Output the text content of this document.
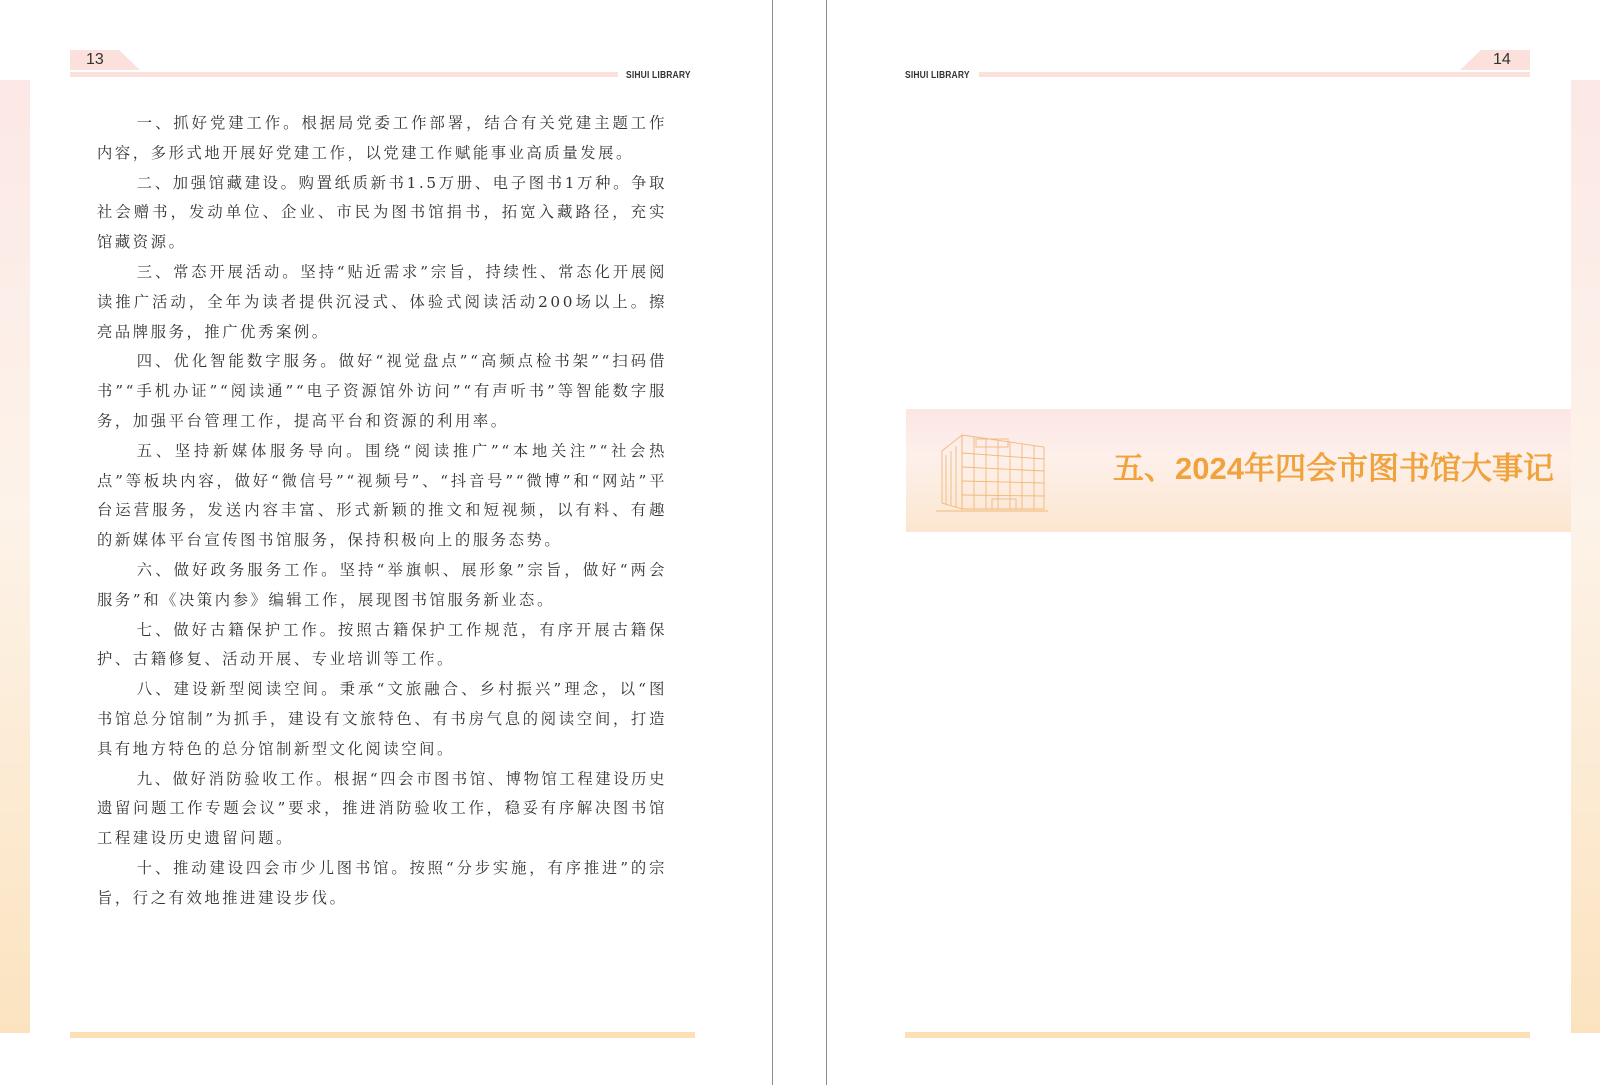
13
SIHUI LIBRARY

一、抓好党建工作。根据局党委工作部署，结合有关党建主题工作内容，多形式地开展好党建工作，以党建工作赋能事业高质量发展。

二、加强馆藏建设。购置纸质新书1.5万册、电子图书1万种。争取社会赠书，发动单位、企业、市民为图书馆捐书，拓宽入藏路径，充实馆藏资源。

三、常态开展活动。坚持“贴近需求”宗旨，持续性、常态化开展阅读推广活动，全年为读者提供沉浸式、体验式阅读活动200场以上。擦亮品牌服务，推广优秀案例。

四、优化智能数字服务。做好“视觉盘点”“高频点检书架”“扫码借书”“手机办证”“阅读通”“电子资源馆外访问”“有声听书”等智能数字服务，加强平台管理工作，提高平台和资源的利用率。

五、坚持新媒体服务导向。围绕“阅读推广”“本地关注”“社会热点”等板块内容，做好“微信号”“视频号”、“抖音号”“微博”和“网站”平台运营服务，发送内容丰富、形式新颖的推文和短视频，以有料、有趣的新媒体平台宣传图书馆服务，保持积极向上的服务态势。

六、做好政务服务工作。坚持“举旗帜、展形象”宗旨，做好“两会服务”和《决策内参》编辑工作，展现图书馆服务新业态。

七、做好古籍保护工作。按照古籍保护工作规范，有序开展古籍保护、古籍修复、活动开展、专业培训等工作。

八、建设新型阅读空间。秉承“文旅融合、乡村振兴”理念，以“图书馆总分馆制”为抓手，建设有文旅特色、有书房气息的阅读空间，打造具有地方特色的总分馆制新型文化阅读空间。

九、做好消防验收工作。根据“四会市图书馆、博物馆工程建设历史遗留问题工作专题会议”要求，推进消防验收工作，稳妥有序解决图书馆工程建设历史遗留问题。

十、推动建设四会市少儿图书馆。按照“分步实施，有序推进”的宗旨，行之有效地推进建设步伐。

14
SIHUI LIBRARY
五、2024年四会市图书馆大事记
